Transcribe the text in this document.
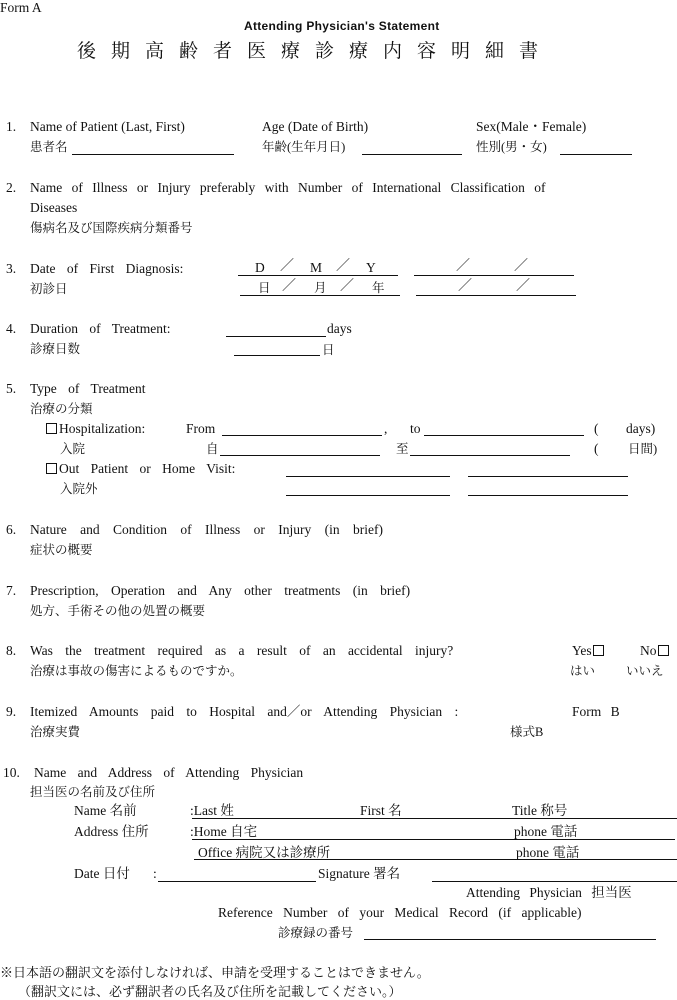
Form A
Attending Physician's Statement
後期高齢者医療診療内容明細書
1. Name of Patient (Last, First)	Age (Date of Birth)	Sex(Male・Female)
患者名	年齢(生年月日)	性別(男・女)
2. Name of Illness or Injury preferably with Number of International Classification of
Diseases
傷病名及び国際疾病分類番号
3. Date of First Diagnosis:
初診日
D ／ M ／ Y
日 ／ 月 ／ 年
／	／
／	／
4. Duration of Treatment:	days
診療日数	日
5. Type of Treatment
治療の分類
Hospitalization:	From	, to	( days)
入院	自	至	( 日間)
Out Patient or Home Visit:
入院外
6. Nature and Condition of Illness or Injury (in brief)
症状の概要
7. Prescription, Operation and Any other treatments (in brief)
処方、手術その他の処置の概要
8. Was the treatment required as a result of an accidental injury?	Yes	No
治療は事故の傷害によるものですか。	はい いいえ
9. Itemized Amounts paid to Hospital and／or Attending Physician :	Form B
治療実費	様式B
10. Name and Address of Attending Physician
担当医の名前及び住所
Name 名前	:Last 姓	First 名	Title 称号
Address 住所	:Home 自宅	phone 電話
Office 病院又は診療所	phone 電話
Date 日付 :	Signature 署名
Attending Physician 担当医
Reference Number of your Medical Record (if applicable)
診療録の番号
※日本語の翻訳文を添付しなければ、申請を受理することはできません。
（翻訳文には、必ず翻訳者の氏名及び住所を記載してください。）
